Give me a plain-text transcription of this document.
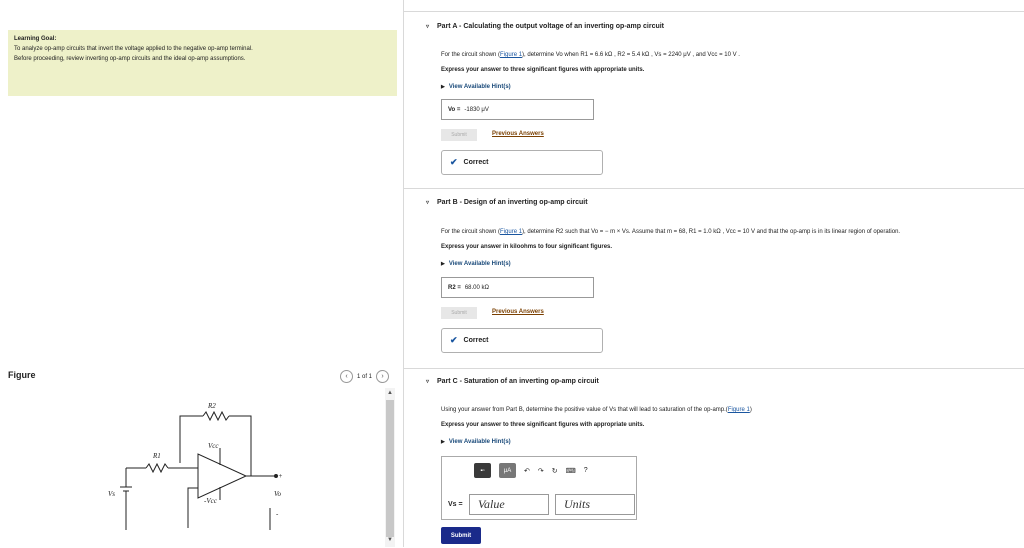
Learning Goal:
To analyze op-amp circuits that invert the voltage applied to the negative op-amp terminal.
Before proceeding, review inverting op-amp circuits and the ideal op-amp assumptions.
Figure	‹	1 of 1	›
R2
R1
Vcc
-Vcc
Vs	Vo
+
-
▲
▼
▿ Part A - Calculating the output voltage of an inverting op-amp circuit
For the circuit shown (Figure 1), determine Vo when R1 = 6.6 kΩ , R2 = 5.4 kΩ , Vs = 2240 μV , and Vcc = 10 V .
Express your answer to three significant figures with appropriate units.
▶ View Available Hint(s)
Vo = -1830 μV
Submit	Previous Answers
✔ Correct
▿ Part B - Design of an inverting op-amp circuit
For the circuit shown (Figure 1), determine R2 such that Vo = − m × Vs. Assume that m = 68, R1 = 1.0 kΩ , Vcc = 10 V and that the op-amp is in its linear region of operation.
Express your answer in kiloohms to four significant figures.
▶ View Available Hint(s)
R2 = 68.00 kΩ
Submit	Previous Answers
✔ Correct
▿ Part C - Saturation of an inverting op-amp circuit
Using your answer from Part B, determine the positive value of Vs that will lead to saturation of the op-amp.(Figure 1)
Express your answer to three significant figures with appropriate units.
▶ View Available Hint(s)
▪▫	μA	↶ ↷ ↻ ⌨ ?
Vs =	Value	Units
Submit
